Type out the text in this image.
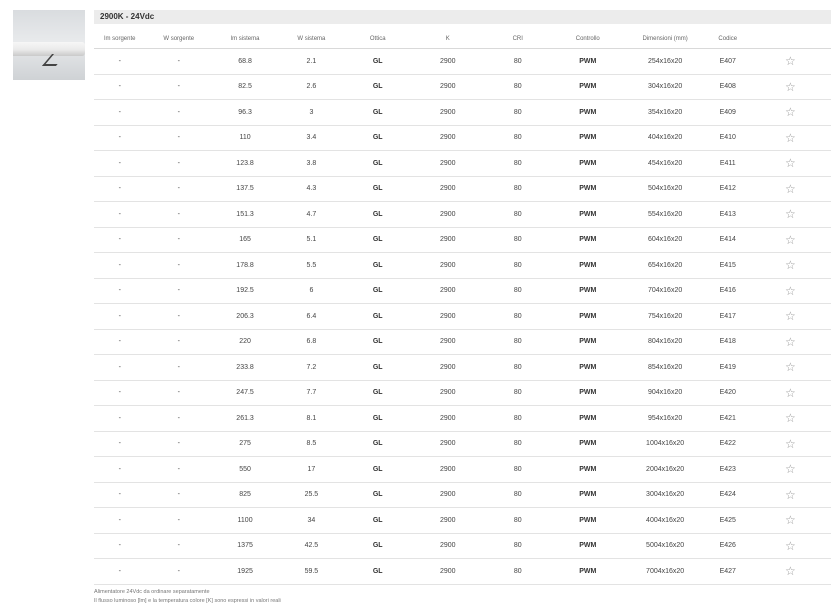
2900K - 24Vdc
lm sorgente	W sorgente	lm sistema	W sistema	Ottica	K	CRI	Controllo	Dimensioni (mm)	Codice	
-	-	68.8	2.1	GL	2900	80	PWM	254x16x20	E407	☆
-	-	82.5	2.6	GL	2900	80	PWM	304x16x20	E408	☆
-	-	96.3	3	GL	2900	80	PWM	354x16x20	E409	☆
-	-	110	3.4	GL	2900	80	PWM	404x16x20	E410	☆
-	-	123.8	3.8	GL	2900	80	PWM	454x16x20	E411	☆
-	-	137.5	4.3	GL	2900	80	PWM	504x16x20	E412	☆
-	-	151.3	4.7	GL	2900	80	PWM	554x16x20	E413	☆
-	-	165	5.1	GL	2900	80	PWM	604x16x20	E414	☆
-	-	178.8	5.5	GL	2900	80	PWM	654x16x20	E415	☆
-	-	192.5	6	GL	2900	80	PWM	704x16x20	E416	☆
-	-	206.3	6.4	GL	2900	80	PWM	754x16x20	E417	☆
-	-	220	6.8	GL	2900	80	PWM	804x16x20	E418	☆
-	-	233.8	7.2	GL	2900	80	PWM	854x16x20	E419	☆
-	-	247.5	7.7	GL	2900	80	PWM	904x16x20	E420	☆
-	-	261.3	8.1	GL	2900	80	PWM	954x16x20	E421	☆
-	-	275	8.5	GL	2900	80	PWM	1004x16x20	E422	☆
-	-	550	17	GL	2900	80	PWM	2004x16x20	E423	☆
-	-	825	25.5	GL	2900	80	PWM	3004x16x20	E424	☆
-	-	1100	34	GL	2900	80	PWM	4004x16x20	E425	☆
-	-	1375	42.5	GL	2900	80	PWM	5004x16x20	E426	☆
-	-	1925	59.5	GL	2900	80	PWM	7004x16x20	E427	☆
Alimentatore 24Vdc da ordinare separatamente
Il flusso luminoso [lm] e la temperatura colore [K] sono espressi in valori reali
